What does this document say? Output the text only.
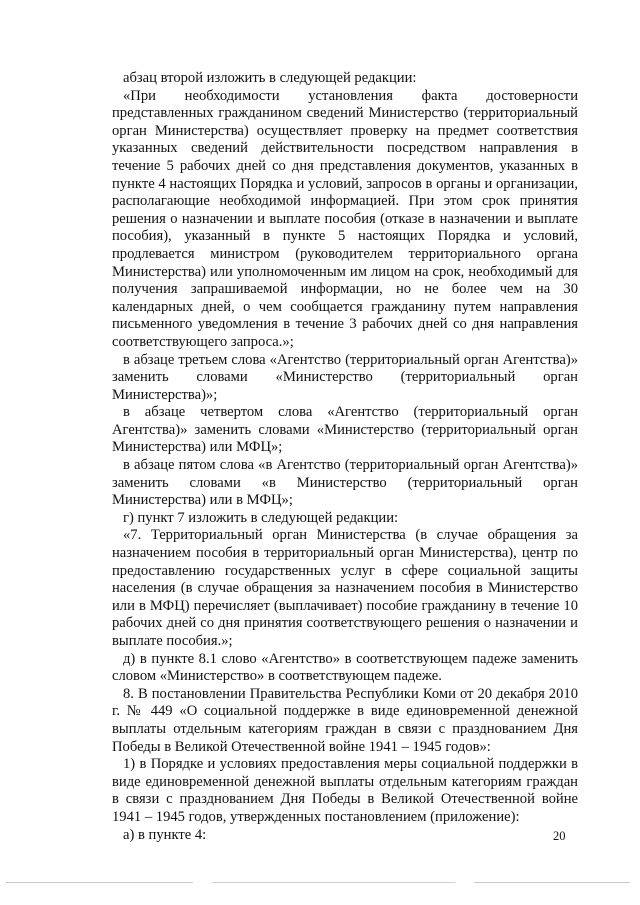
абзац второй изложить в следующей редакции:

«При необходимости установления факта достоверности представленных гражданином сведений Министерство (территориальный орган Министерства) осуществляет проверку на предмет соответствия указанных сведений действительности посредством направления в течение 5 рабочих дней со дня представления документов, указанных в пункте 4 настоящих Порядка и условий, запросов в органы и организации, располагающие необходимой информацией. При этом срок принятия решения о назначении и выплате пособия (отказе в назначении и выплате пособия), указанный в пункте 5 настоящих Порядка и условий, продлевается министром (руководителем территориального органа Министерства) или уполномоченным им лицом на срок, необходимый для получения запрашиваемой информации, но не более чем на 30 календарных дней, о чем сообщается гражданину путем направления письменного уведомления в течение 3 рабочих дней со дня направления соответствующего запроса.»;

в абзаце третьем слова «Агентство (территориальный орган Агентства)» заменить словами «Министерство (территориальный орган Министерства)»;

в абзаце четвертом слова «Агентство (территориальный орган Агентства)» заменить словами «Министерство (территориальный орган Министерства) или МФЦ»;

в абзаце пятом слова «в Агентство (территориальный орган Агентства)» заменить словами «в Министерство (территориальный орган Министерства) или в МФЦ»;

г) пункт 7 изложить в следующей редакции:

«7. Территориальный орган Министерства (в случае обращения за назначением пособия в территориальный орган Министерства), центр по предоставлению государственных услуг в сфере социальной защиты населения (в случае обращения за назначением пособия в Министерство или в МФЦ) перечисляет (выплачивает) пособие гражданину в течение 10 рабочих дней со дня принятия соответствующего решения о назначении и выплате пособия.»;

д) в пункте 8.1 слово «Агентство» в соответствующем падеже заменить словом «Министерство» в соответствующем падеже.

8. В постановлении Правительства Республики Коми от 20 декабря 2010 г. № 449 «О социальной поддержке в виде единовременной денежной выплаты отдельным категориям граждан в связи с празднованием Дня Победы в Великой Отечественной войне 1941 – 1945 годов»:

1) в Порядке и условиях предоставления меры социальной поддержки в виде единовременной денежной выплаты отдельным категориям граждан в связи с празднованием Дня Победы в Великой Отечественной войне 1941 – 1945 годов, утвержденных постановлением (приложение):

а) в пункте 4:	20
